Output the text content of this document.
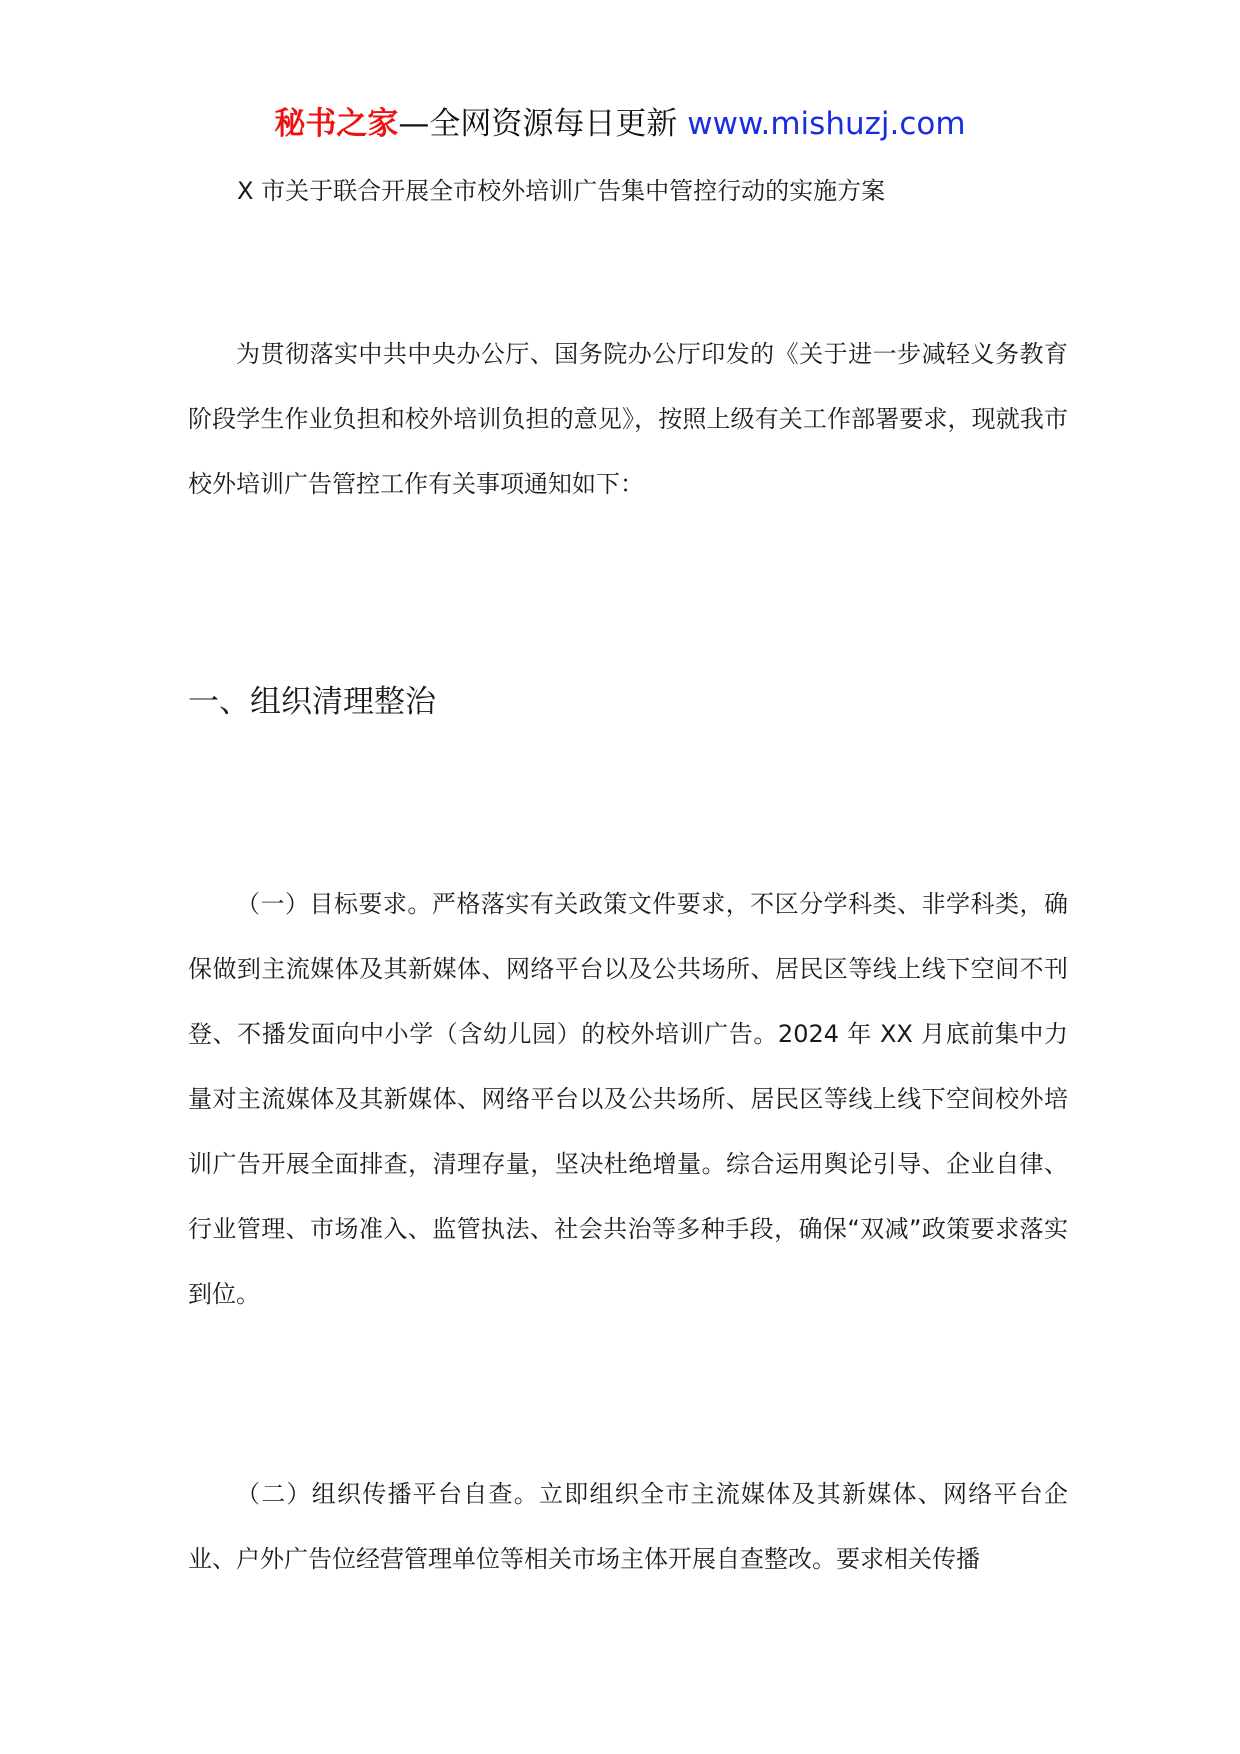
秘书之家—全网资源每日更新 www.mishuzj.com
X 市关于联合开展全市校外培训广告集中管控行动的实施方案

为贯彻落实中共中央办公厅、国务院办公厅印发的《关于进一步减轻义务教育阶段学生作业负担和校外培训负担的意见》，按照上级有关工作部署要求，现就我市校外培训广告管控工作有关事项通知如下：

一、组织清理整治

（一）目标要求。严格落实有关政策文件要求，不区分学科类、非学科类，确保做到主流媒体及其新媒体、网络平台以及公共场所、居民区等线上线下空间不刊登、不播发面向中小学（含幼儿园）的校外培训广告。2024 年 XX 月底前集中力量对主流媒体及其新媒体、网络平台以及公共场所、居民区等线上线下空间校外培训广告开展全面排查，清理存量，坚决杜绝增量。综合运用舆论引导、企业自律、行业管理、市场准入、监管执法、社会共治等多种手段，确保“双减”政策要求落实到位。

（二）组织传播平台自查。立即组织全市主流媒体及其新媒体、网络平台企业、户外广告位经营管理单位等相关市场主体开展自查整改。要求相关传播
